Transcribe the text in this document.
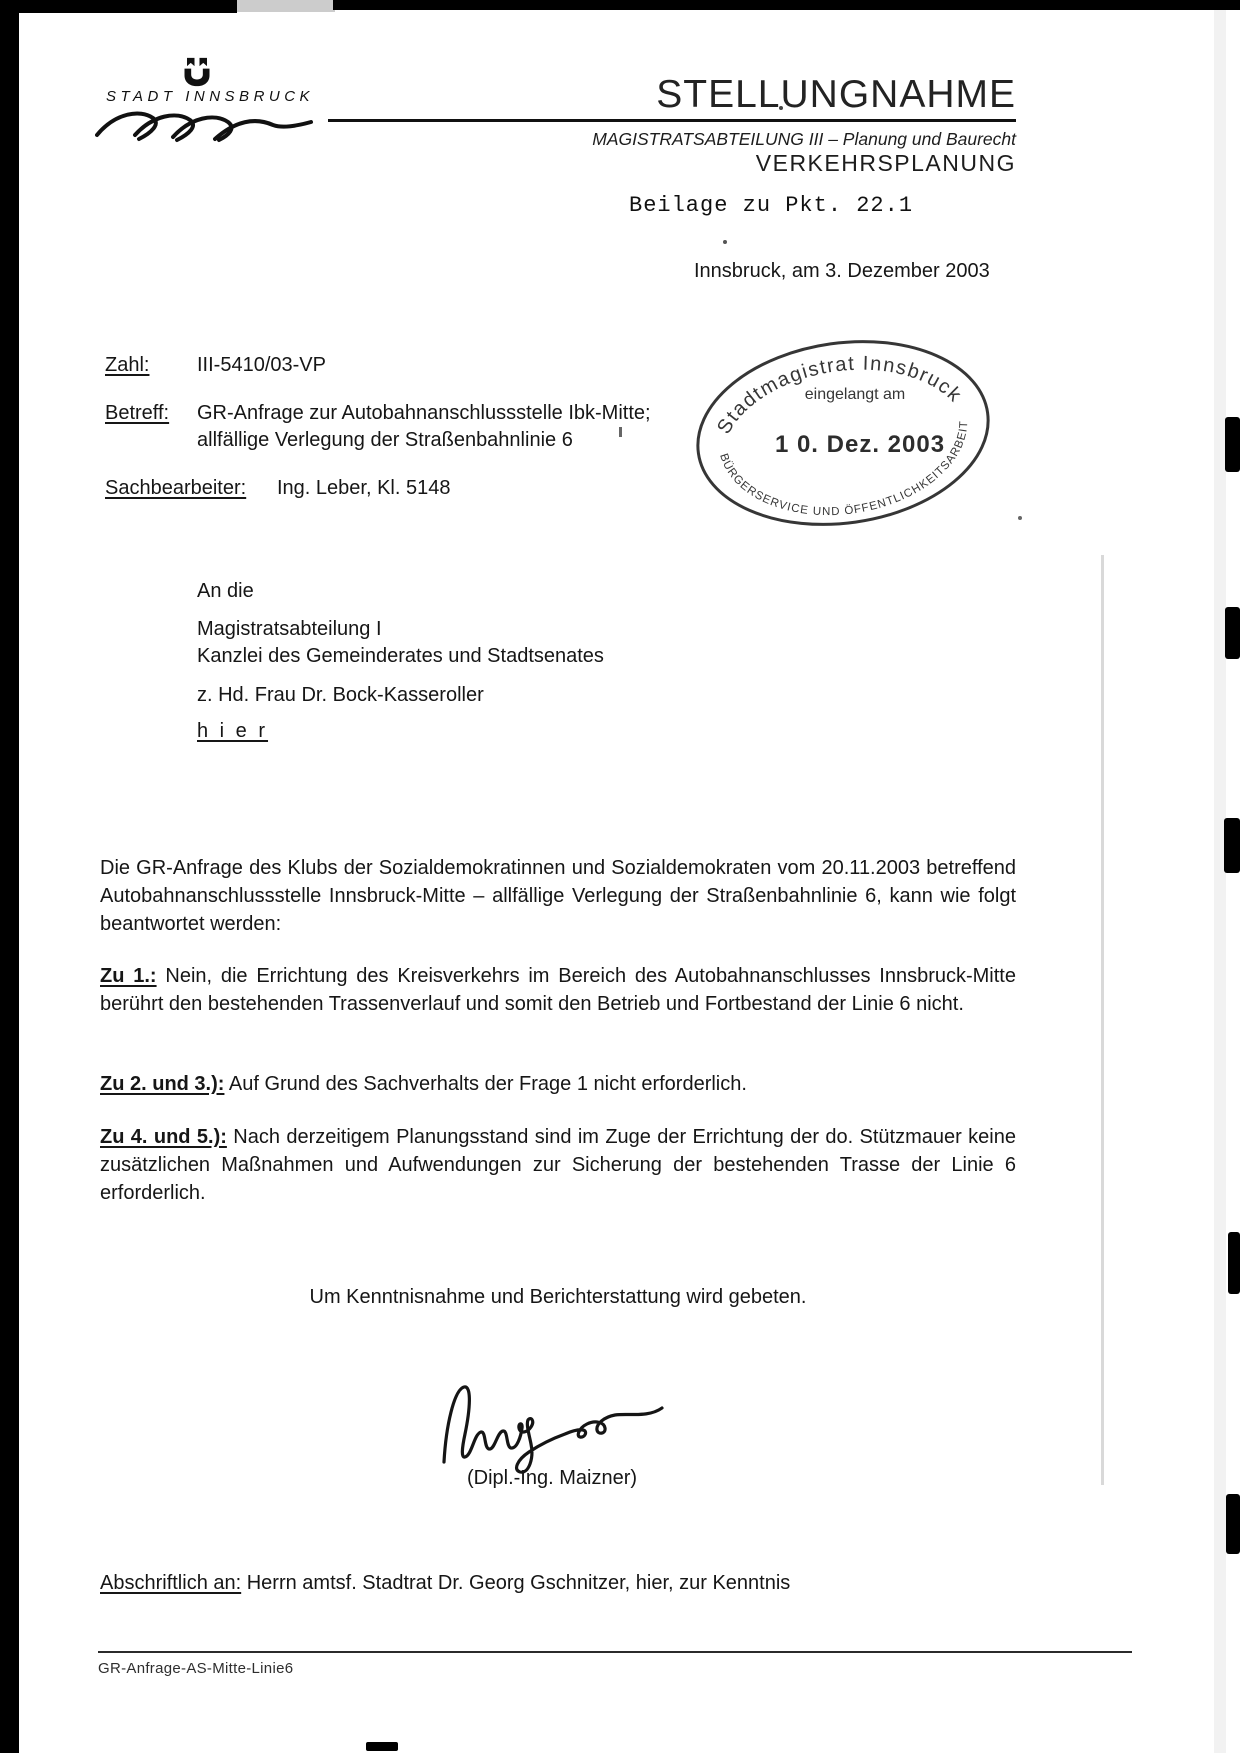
STADT INNSBRUCK	STELLUNGNAHME
MAGISTRATSABTEILUNG III – Planung und Baurecht
VERKEHRSPLANUNG
Beilage zu Pkt. 22.1
Innsbruck, am 3. Dezember 2003
Zahl: III-5410/03-VP
Betreff: GR-Anfrage zur Autobahnanschlussstelle Ibk-Mitte;
allfällige Verlegung der Straßenbahnlinie 6
Sachbearbeiter: Ing. Leber, Kl. 5148
Stadtmagistrat Innsbruck
BÜRGERSERVICE UND ÖFFENTLICHKEITSARBEIT
eingelangt am
1 0. Dez. 2003
An die
Magistratsabteilung I
Kanzlei des Gemeinderates und Stadtsenates
z. Hd. Frau Dr. Bock-Kasseroller
h i e r

Die GR-Anfrage des Klubs der Sozialdemokratinnen und Sozialdemokraten vom 20.11.2003 betreffend Autobahnanschlussstelle Innsbruck-Mitte – allfällige Verlegung der Straßenbahnlinie 6, kann wie folgt beantwortet werden:

Zu 1.: Nein, die Errichtung des Kreisverkehrs im Bereich des Autobahnanschlusses Innsbruck-Mitte berührt den bestehenden Trassenverlauf und somit den Betrieb und Fortbestand der Linie 6 nicht.

Zu 2. und 3.): Auf Grund des Sachverhalts der Frage 1 nicht erforderlich.

Zu 4. und 5.): Nach derzeitigem Planungsstand sind im Zuge der Errichtung der do. Stützmauer keine zusätzlichen Maßnahmen und Aufwendungen zur Sicherung der bestehenden Trasse der Linie 6 erforderlich.

Um Kenntnisnahme und Berichterstattung wird gebeten.
(Dipl.-Ing. Maizner)
Abschriftlich an: Herrn amtsf. Stadtrat Dr. Georg Gschnitzer, hier, zur Kenntnis
GR-Anfrage-AS-Mitte-Linie6
